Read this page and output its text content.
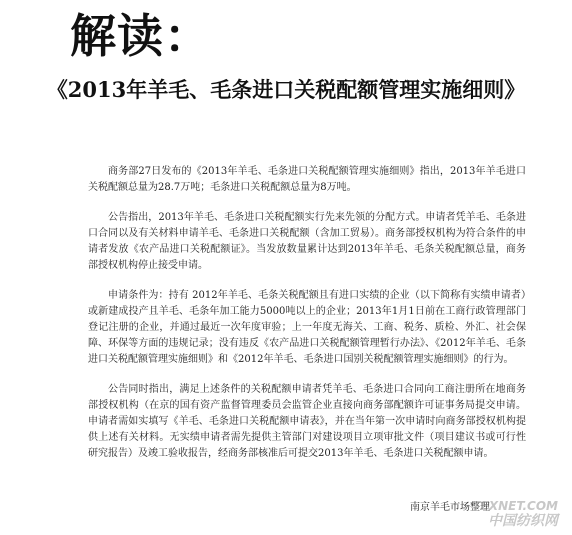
解读：
《2013年羊毛、毛条进口关税配额管理实施细则》

商务部27日发布的《2013年羊毛、毛条进口关税配额管理实施细则》指出，2013年羊毛进口关税配额总量为28.7万吨；毛条进口关税配额总量为8万吨。

公告指出，2013年羊毛、毛条进口关税配额实行先来先领的分配方式。申请者凭羊毛、毛条进口合同以及有关材料申请羊毛、毛条进口关税配额（含加工贸易）。商务部授权机构为符合条件的申请者发放《农产品进口关税配额证》。当发放数量累计达到2013年羊毛、毛条关税配额总量，商务部授权机构停止接受申请。

申请条件为：持有 2012年羊毛、毛条关税配额且有进口实绩的企业（以下简称有实绩申请者）或新建成投产且羊毛、毛条年加工能力5000吨以上的企业；2013年1月1日前在工商行政管理部门登记注册的企业，并通过最近一次年度审验；上一年度无海关、工商、税务、质检、外汇、社会保障、环保等方面的违规记录；没有违反《农产品进口关税配额管理暂行办法》、《2012年羊毛、毛条进口关税配额管理实施细则》和《2012年羊毛、毛条进口国别关税配额管理实施细则》的行为。

公告同时指出，满足上述条件的关税配额申请者凭羊毛、毛条进口合同向工商注册所在地商务部授权机构（在京的国有资产监督管理委员会监管企业直接向商务部配额许可证事务局提交申请。申请者需如实填写《羊毛、毛条进口关税配额申请表》，并在当年第一次申请时向商务部授权机构提供上述有关材料。无实绩申请者需先提供主管部门对建设项目立项审批文件（项目建议书或可行性研究报告）及竣工验收报告，经商务部核准后可提交2013年羊毛、毛条进口关税配额申请。

南京羊毛市场整理
TEXNET.COM
中国纺织网
